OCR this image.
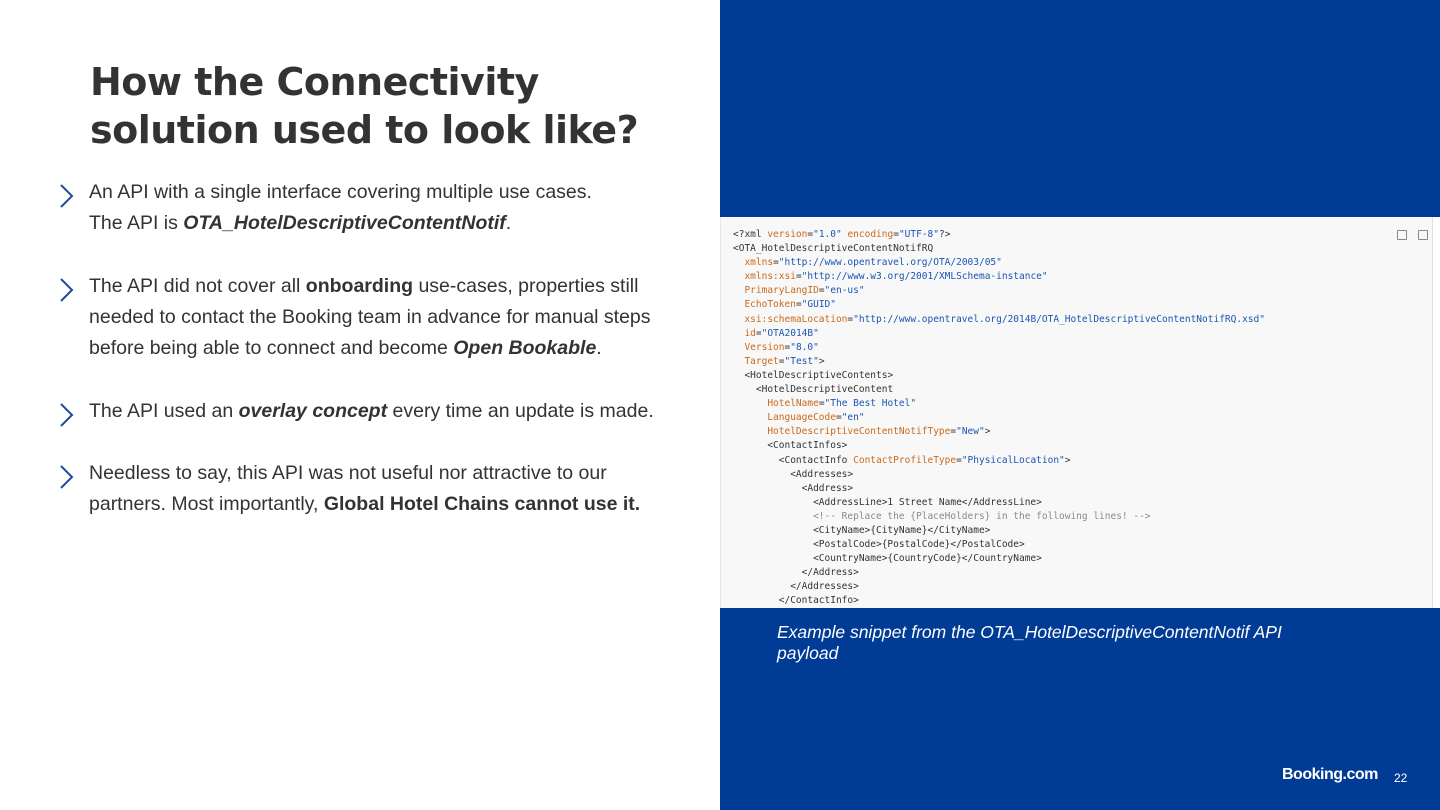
How the Connectivity solution used to look like?
An API with a single interface covering multiple use cases.
The API is OTA_HotelDescriptiveContentNotif.
The API did not cover all onboarding use-cases, properties still needed to contact the Booking team in advance for manual steps before being able to connect and become Open Bookable.
The API used an overlay concept every time an update is made.
Needless to say, this API was not useful nor attractive to our partners. Most importantly, Global Hotel Chains cannot use it.
<?xml version="1.0" encoding="UTF-8"?>
<OTA_HotelDescriptiveContentNotifRQ
xmlns="http://www.opentravel.org/OTA/2003/05"
xmlns:xsi="http://www.w3.org/2001/XMLSchema-instance"
PrimaryLangID="en-us"
EchoToken="GUID"
xsi:schemaLocation="http://www.opentravel.org/2014B/OTA_HotelDescriptiveContentNotifRQ.xsd"
id="OTA2014B"
Version="8.0"
Target="Test">
<HotelDescriptiveContents>
<HotelDescriptiveContent
HotelName="The Best Hotel"
LanguageCode="en"
HotelDescriptiveContentNotifType="New">
<ContactInfos>
<ContactInfo ContactProfileType="PhysicalLocation">
<Addresses>
<Address>
<AddressLine>1 Street Name</AddressLine>
<!-- Replace the {PlaceHolders} in the following lines! -->
<CityName>{CityName}</CityName>
<PostalCode>{PostalCode}</PostalCode>
<CountryName>{CountryCode}</CountryName>
</Address>
</Addresses>
</ContactInfo>

Example snippet from the OTA_HotelDescriptiveContentNotif API payload

Booking.com 22
